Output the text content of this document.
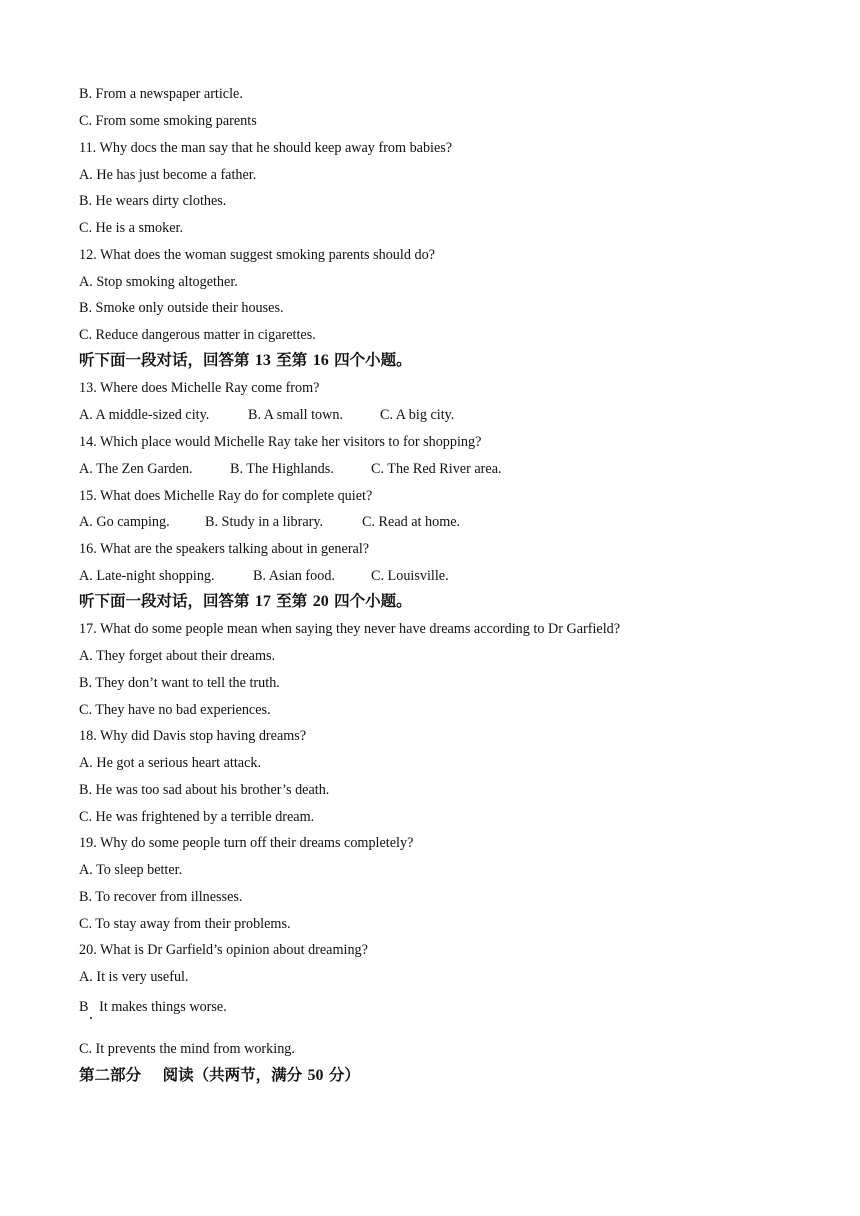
B. From a newspaper article.
C. From some smoking parents
11. Why docs the man say that he should keep away from babies?
A. He has just become a father.
B. He wears dirty clothes.
C. He is a smoker.
12. What does the woman suggest smoking parents should do?
A. Stop smoking altogether.
B. Smoke only outside their houses.
C. Reduce dangerous matter in cigarettes.
听下面一段对话，回答第 13 至第 16 四个小题。
13. Where does Michelle Ray come from?
A. A middle-sized city.	B. A small town.	C. A big city.
14. Which place would Michelle Ray take her visitors to for shopping?
A. The Zen Garden.	B. The Highlands.	C. The Red River area.
15. What does Michelle Ray do for complete quiet?
A. Go camping. B. Study in a library.	C. Read at home.
16. What are the speakers talking about in general?
A. Late-night shopping.	B. Asian food.	C. Louisville.
听下面一段对话，回答第 17 至第 20 四个小题。
17. What do some people mean when saying they never have dreams according to Dr Garfield?
A. They forget about their dreams.
B. They don’t want to tell the truth.
C. They have no bad experiences.
18. Why did Davis stop having dreams?
A. He got a serious heart attack.
B. He was too sad about his brother’s death.
C. He was frightened by a terrible dream.
19. Why do some people turn off their dreams completely?
A. To sleep better.
B. To recover from illnesses.
C. To stay away from their problems.
20. What is Dr Garfield’s opinion about dreaming?
A. It is very useful.
B   It makes things worse.
C. It prevents the mind from working.
第二部分    阅读（共两节，满分 50 分）
